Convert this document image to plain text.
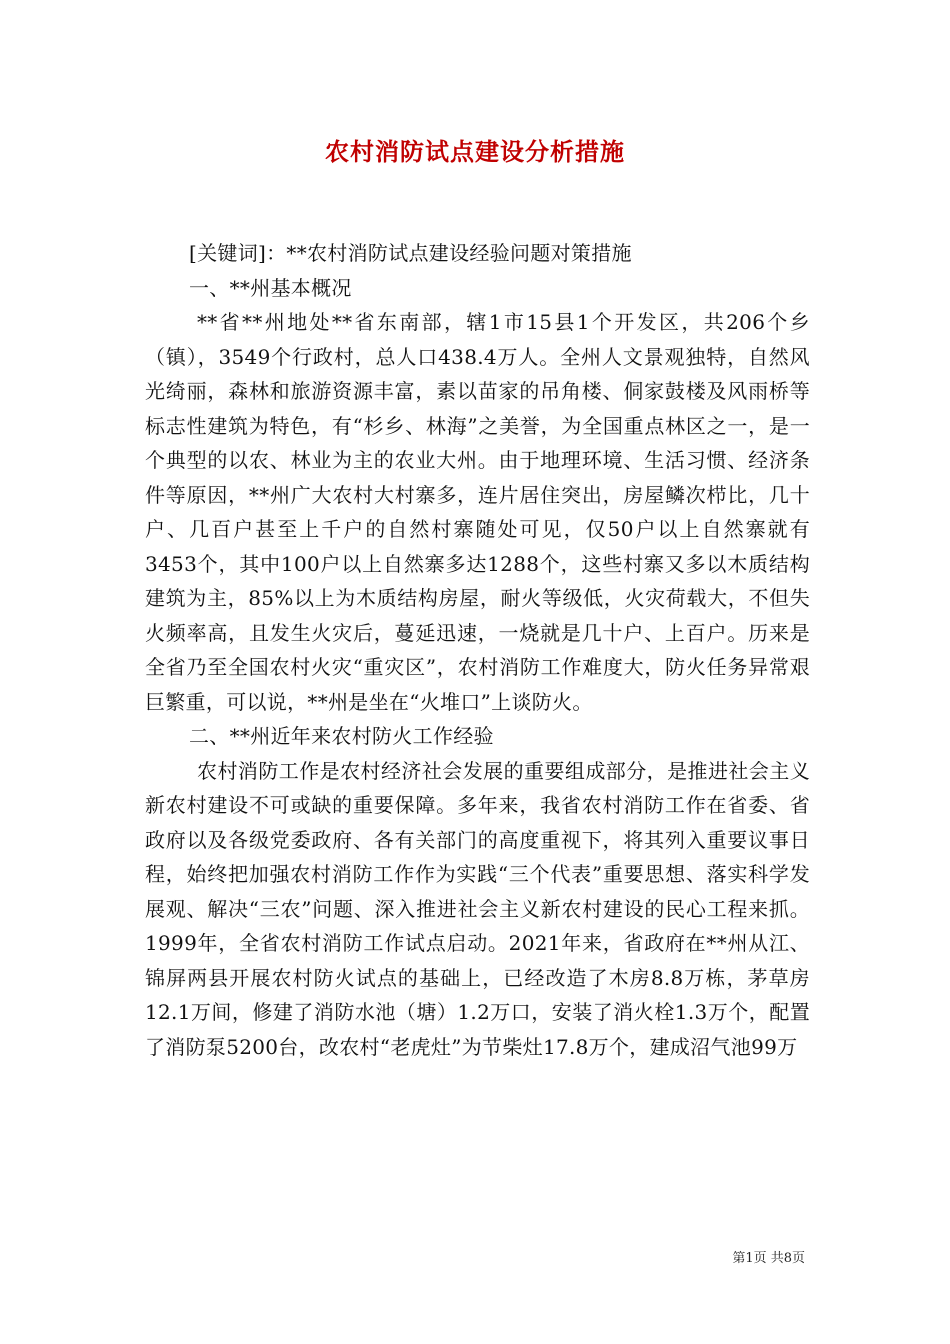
农村消防试点建设分析措施

[关键词]：**农村消防试点建设经验问题对策措施

一、**州基本概况

**省**州地处**省东南部，辖1市15县1个开发区，共206个乡（镇），3549个行政村，总人口438.4万人。全州人文景观独特，自然风光绮丽，森林和旅游资源丰富，素以苗家的吊角楼、侗家鼓楼及风雨桥等标志性建筑为特色，有“杉乡、林海”之美誉，为全国重点林区之一，是一个典型的以农、林业为主的农业大州。由于地理环境、生活习惯、经济条件等原因，**州广大农村大村寨多，连片居住突出，房屋鳞次栉比，几十户、几百户甚至上千户的自然村寨随处可见，仅50户以上自然寨就有3453个，其中100户以上自然寨多达1288个，这些村寨又多以木质结构建筑为主，85%以上为木质结构房屋，耐火等级低，火灾荷载大，不但失火频率高，且发生火灾后，蔓延迅速，一烧就是几十户、上百户。历来是全省乃至全国农村火灾“重灾区”，农村消防工作难度大，防火任务异常艰巨繁重，可以说，**州是坐在“火堆口”上谈防火。

二、**州近年来农村防火工作经验

农村消防工作是农村经济社会发展的重要组成部分，是推进社会主义新农村建设不可或缺的重要保障。多年来，我省农村消防工作在省委、省政府以及各级党委政府、各有关部门的高度重视下，将其列入重要议事日程，始终把加强农村消防工作作为实践“三个代表”重要思想、落实科学发展观、解决“三农”问题、深入推进社会主义新农村建设的民心工程来抓。1999年，全省农村消防工作试点启动。2021年来，省政府在**州从江、锦屏两县开展农村防火试点的基础上，已经改造了木房8.8万栋，茅草房12.1万间，修建了消防水池（塘）1.2万口，安装了消火栓1.3万个，配置了消防泵5200台，改农村“老虎灶”为节柴灶17.8万个，建成沼气池99万

第1页 共8页
